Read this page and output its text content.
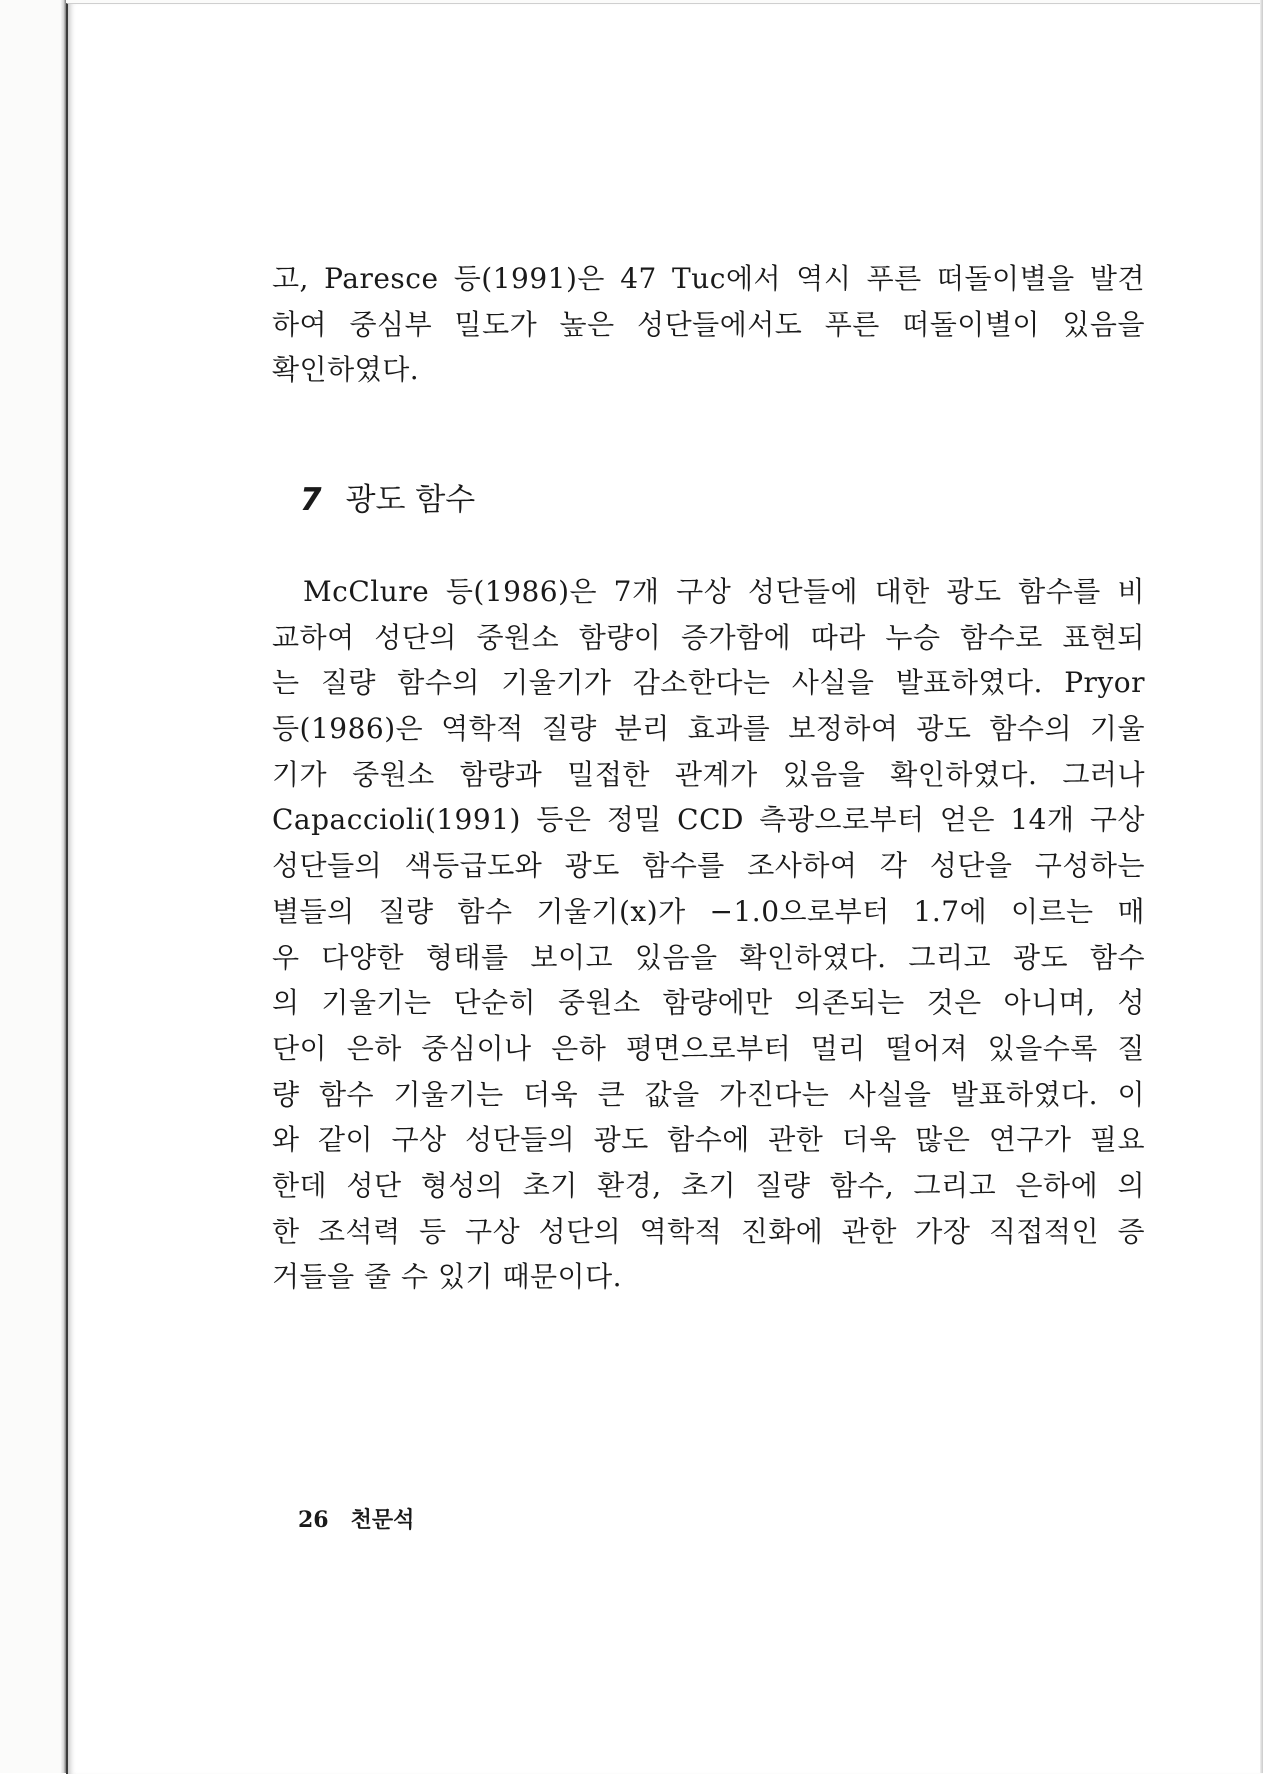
고, Paresce 등(1991)은 47 Tuc에서 역시 푸른 떠돌이별을 발견
하여 중심부 밀도가 높은 성단들에서도 푸른 떠돌이별이 있음을
확인하였다.

7 광도 함수

McClure 등(1986)은 7개 구상 성단들에 대한 광도 함수를 비
교하여 성단의 중원소 함량이 증가함에 따라 누승 함수로 표현되
는 질량 함수의 기울기가 감소한다는 사실을 발표하였다. Pryor
등(1986)은 역학적 질량 분리 효과를 보정하여 광도 함수의 기울
기가 중원소 함량과 밀접한 관계가 있음을 확인하였다. 그러나
Capaccioli(1991) 등은 정밀 CCD 측광으로부터 얻은 14개 구상
성단들의 색등급도와 광도 함수를 조사하여 각 성단을 구성하는
별들의 질량 함수 기울기(x)가 −1.0으로부터 1.7에 이르는 매
우 다양한 형태를 보이고 있음을 확인하였다. 그리고 광도 함수
의 기울기는 단순히 중원소 함량에만 의존되는 것은 아니며, 성
단이 은하 중심이나 은하 평면으로부터 멀리 떨어져 있을수록 질
량 함수 기울기는 더욱 큰 값을 가진다는 사실을 발표하였다. 이
와 같이 구상 성단들의 광도 함수에 관한 더욱 많은 연구가 필요
한데 성단 형성의 초기 환경, 초기 질량 함수, 그리고 은하에 의
한 조석력 등 구상 성단의 역학적 진화에 관한 가장 직접적인 증
거들을 줄 수 있기 때문이다.

26 천문석
